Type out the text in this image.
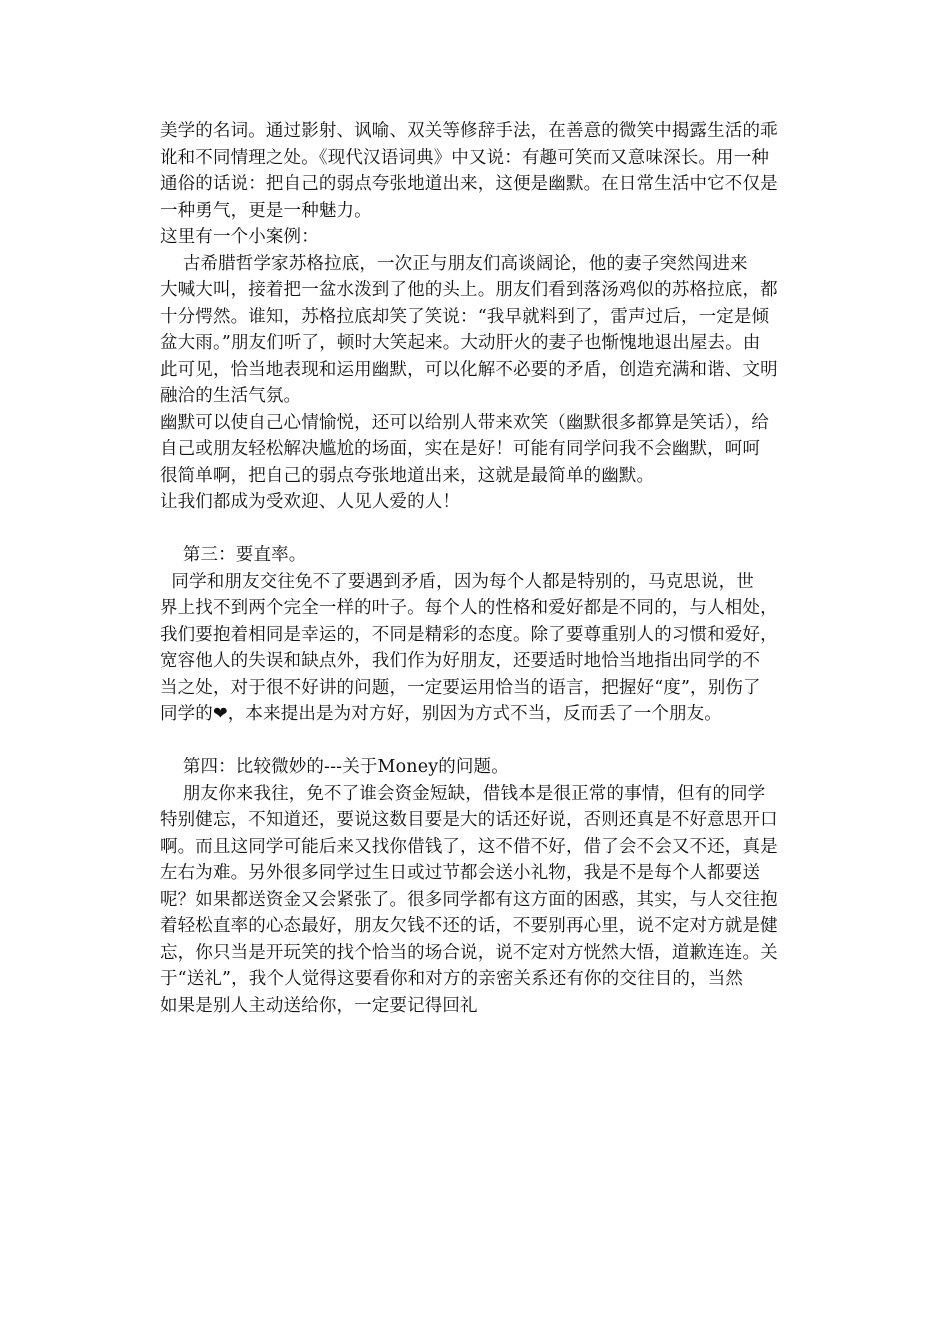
美学的名词。通过影射、讽喻、双关等修辞手法，在善意的微笑中揭露生活的乖
讹和不同情理之处。《现代汉语词典》中又说：有趣可笑而又意味深长。用一种
通俗的话说：把自己的弱点夸张地道出来，这便是幽默。在日常生活中它不仅是
一种勇气，更是一种魅力。
这里有一个小案例：
古希腊哲学家苏格拉底，一次正与朋友们高谈阔论，他的妻子突然闯进来
大喊大叫，接着把一盆水泼到了他的头上。朋友们看到落汤鸡似的苏格拉底，都
十分愕然。谁知，苏格拉底却笑了笑说：“我早就料到了，雷声过后，一定是倾
盆大雨。”朋友们听了，顿时大笑起来。大动肝火的妻子也惭愧地退出屋去。由
此可见，恰当地表现和运用幽默，可以化解不必要的矛盾，创造充满和谐、文明
融洽的生活气氛。
幽默可以使自己心情愉悦，还可以给别人带来欢笑（幽默很多都算是笑话），给
自己或朋友轻松解决尴尬的场面，实在是好！可能有同学问我不会幽默，呵呵
很简单啊，把自己的弱点夸张地道出来，这就是最简单的幽默。
让我们都成为受欢迎、人见人爱的人！
第三：要直率。
同学和朋友交往免不了要遇到矛盾，因为每个人都是特别的，马克思说，世
界上找不到两个完全一样的叶子。每个人的性格和爱好都是不同的，与人相处，
我们要抱着相同是幸运的，不同是精彩的态度。除了要尊重别人的习惯和爱好，
宽容他人的失误和缺点外，我们作为好朋友，还要适时地恰当地指出同学的不
当之处，对于很不好讲的问题，一定要运用恰当的语言，把握好“度”，别伤了
同学的❤，本来提出是为对方好，别因为方式不当，反而丢了一个朋友。
第四：比较微妙的---关于Money的问题。
朋友你来我往，免不了谁会资金短缺，借钱本是很正常的事情，但有的同学
特别健忘，不知道还，要说这数目要是大的话还好说，否则还真是不好意思开口
啊。而且这同学可能后来又找你借钱了，这不借不好，借了会不会又不还，真是
左右为难。另外很多同学过生日或过节都会送小礼物，我是不是每个人都要送
呢？如果都送资金又会紧张了。很多同学都有这方面的困惑，其实，与人交往抱
着轻松直率的心态最好，朋友欠钱不还的话，不要别再心里，说不定对方就是健
忘，你只当是开玩笑的找个恰当的场合说，说不定对方恍然大悟，道歉连连。关
于“送礼”，我个人觉得这要看你和对方的亲密关系还有你的交往目的，当然
如果是别人主动送给你，一定要记得回礼
